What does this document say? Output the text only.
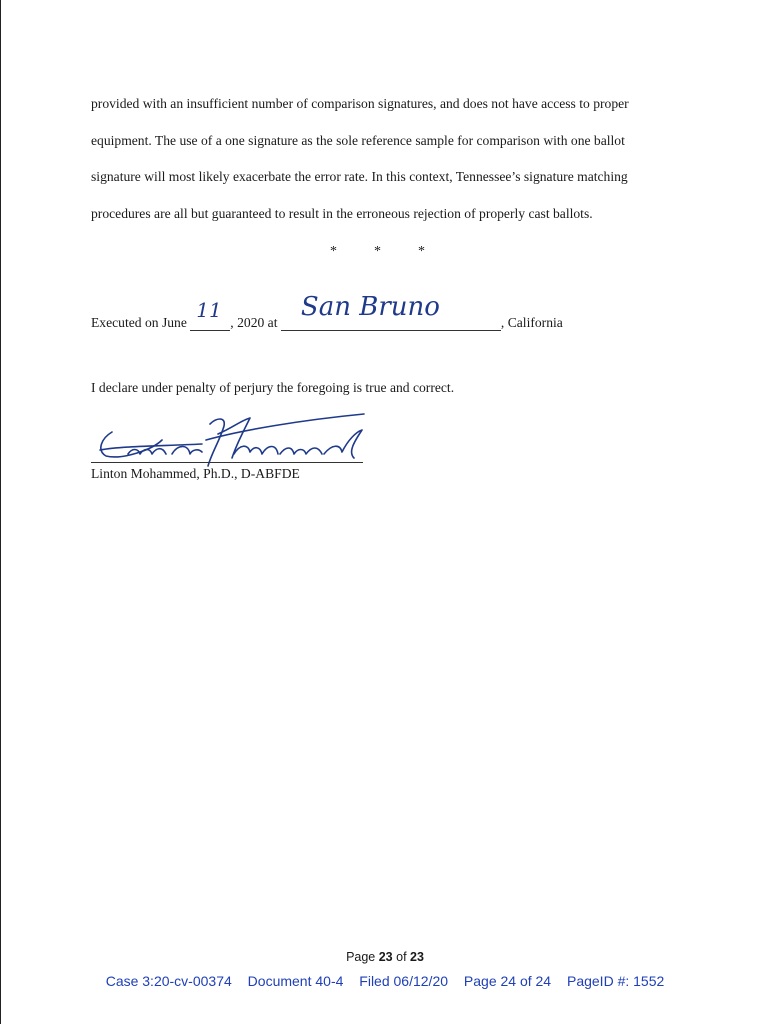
provided with an insufficient number of comparison signatures, and does not have access to proper
equipment. The use of a one signature as the sole reference sample for comparison with one ballot
signature will most likely exacerbate the error rate. In this context, Tennessee’s signature matching
procedures are all but guaranteed to result in the erroneous rejection of properly cast ballots.
*	*	*
Executed on June
11
, 2020 at
San Bruno
, California
I declare under penalty of perjury the foregoing is true and correct.
Linton Mohammed, Ph.D., D-ABFDE
Page 23 of 23
Case 3:20-cv-00374 Document 40-4 Filed 06/12/20 Page 24 of 24 PageID #: 1552
